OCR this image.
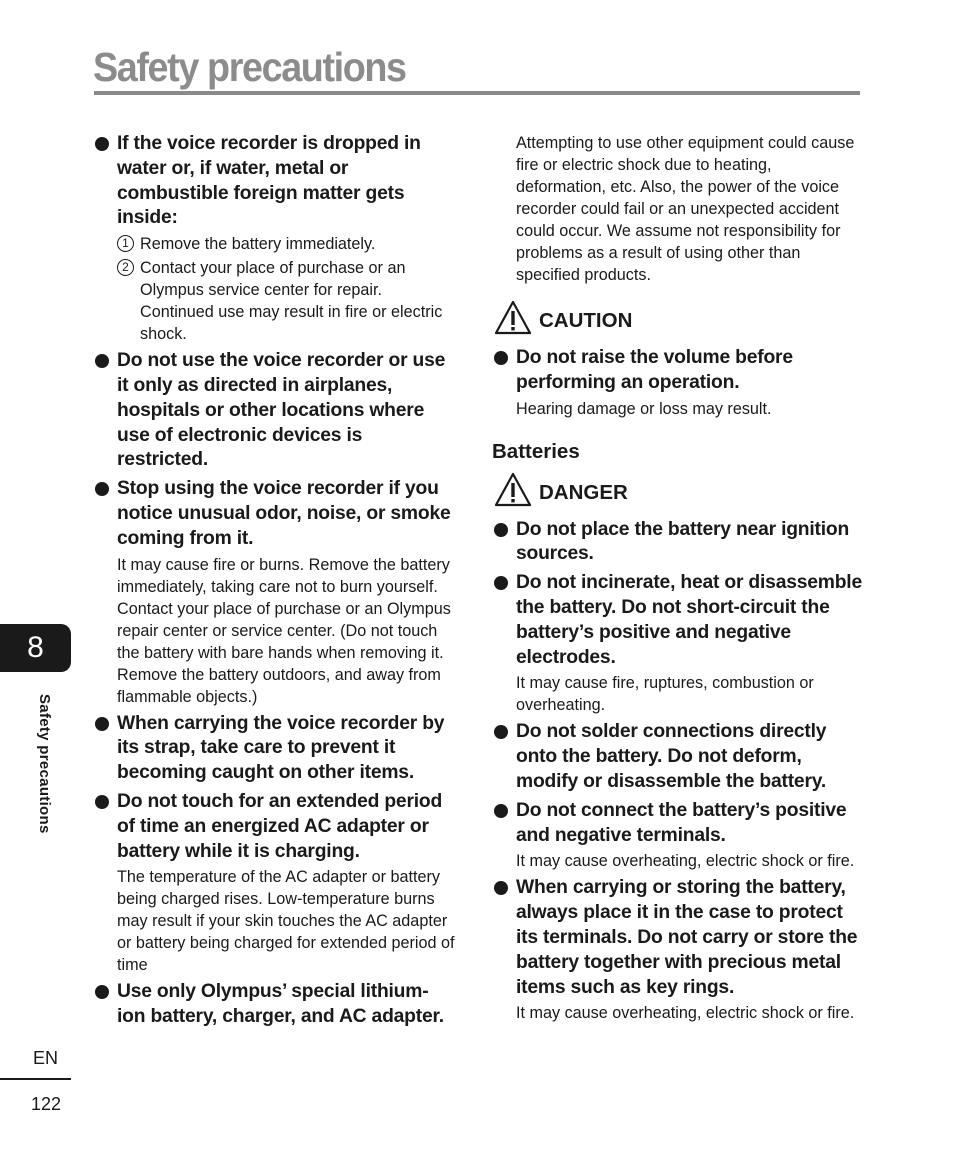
Safety precautions
If the voice recorder is dropped in water or, if water, metal or combustible foreign matter gets inside:
1 Remove the battery immediately.
2 Contact your place of purchase or an Olympus service center for repair. Continued use may result in fire or electric shock.
Do not use the voice recorder or use it only as directed in airplanes, hospitals or other locations where use of electronic devices is restricted.
Stop using the voice recorder if you notice unusual odor, noise, or smoke coming from it.
It may cause fire or burns. Remove the battery immediately, taking care not to burn yourself. Contact your place of purchase or an Olympus repair center or service center. (Do not touch the battery with bare hands when removing it. Remove the battery outdoors, and away from flammable objects.)
When carrying the voice recorder by its strap, take care to prevent it becoming caught on other items.
Do not touch for an extended period of time an energized AC adapter or battery while it is charging.
The temperature of the AC adapter or battery being charged rises. Low-temperature burns may result if your skin touches the AC adapter or battery being charged for extended period of time
Use only Olympus’ special lithium-ion battery, charger, and AC adapter.
Attempting to use other equipment could cause fire or electric shock due to heating, deformation, etc. Also, the power of the voice recorder could fail or an unexpected accident could occur. We assume not responsibility for problems as a result of using other than specified products.
CAUTION
Do not raise the volume before performing an operation.
Hearing damage or loss may result.
Batteries
DANGER
Do not place the battery near ignition sources.
Do not incinerate, heat or disassemble the battery. Do not short-circuit the battery’s positive and negative electrodes.
It may cause fire, ruptures, combustion or overheating.
Do not solder connections directly onto the battery. Do not deform, modify or disassemble the battery.
Do not connect the battery’s positive and negative terminals.
It may cause overheating, electric shock or fire.
When carrying or storing the battery, always place it in the case to protect its terminals. Do not carry or store the battery together with precious metal items such as key rings.
It may cause overheating, electric shock or fire.
8
Safety precautions
EN
122
